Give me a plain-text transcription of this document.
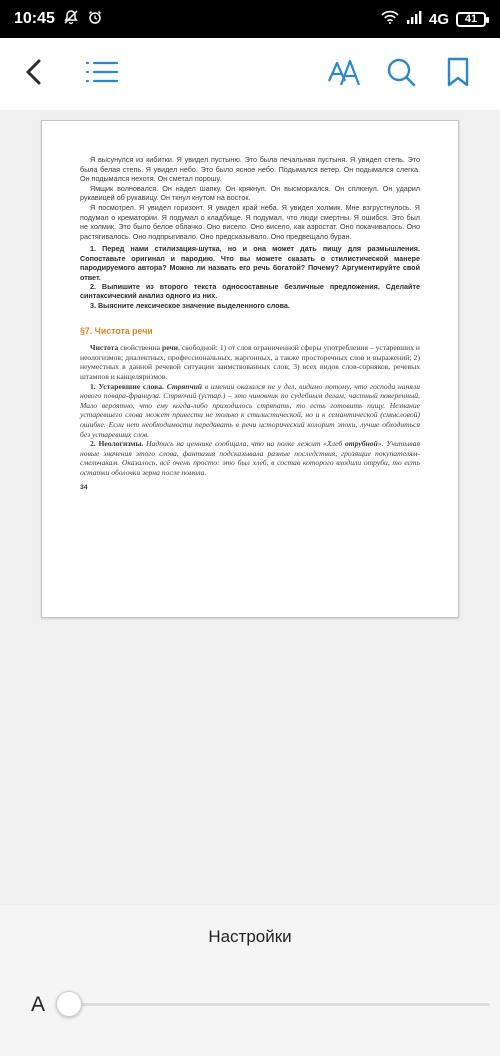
10:45	4G 41

Я высунулся из кибитки. Я увидел пустыню. Это была печальная пустыня. Я увидел степь. Это была белая степь. Я увидел небо. Это было ясное небо. Подымался ветер. Он подымался слегка. Он подымался нехотя. Он сметал порошу.

Ямщик волновался. Он надел шапку. Он крякнул. Он высморкался. Он сплюнул. Он ударил рукавицей об рукавицу. Он ткнул кнутом на восток.

Я посмотрел. Я увидел горизонт. Я увидел край неба. Я увидел холмик. Мне взгрустнулось. Я подумал о крематории. Я подумал о кладбище. Я подумал, что люди смертны. Я ошибся. Это был не холмик. Это было белое облачко. Оно висело. Оно висело, как аэростат. Оно покачивалось. Оно растягивалось. Оно подпрыгивало. Оно предсказывало. Оно предвещало буран.

1. Перед нами стилизация-шутка, но и она может дать пищу для размышления. Сопоставьте оригинал и пародию. Что вы можете сказать о стилистической манере пародируемого автора? Можно ли назвать его речь богатой? Почему? Аргументируйте свой ответ.

2. Выпишите из второго текста односоставные безличные предложения. Сделайте синтаксический анализ одного из них.

3. Выясните лексическое значение выделенного слова.

§7. Чистота речи

Чистота свойственна речи, свободной: 1) от слов ограниченной сферы употребления – устаревших и неологизмов; диалектных, профессиональных, жаргонных, а также просторечных слов и выражений; 2) неуместных в данной речевой ситуации заимствованных слов; 3) всех видов слов-сорняков, речевых штампов и канцеляризмов.

1. Устаревшие слова. Стряпчий в имении оказался не у дел, видимо потому, что господа наняли нового повара-француза. Стряпчий (устар.) – это чиновник по судебным делам; частный поверенный. Мало вероятно, что ему когда-либо приходилось стряпать, то есть готовить пищу. Незнание устаревшего слова может привести не только к стилистической, но и к семантической (смысловой) ошибке. Если нет необходимости передавать в речи исторический колорит эпохи, лучше обходиться без устаревших слов.

2. Неологизмы. Надпись на ценнике сообщала, что на полке лежит «Хлеб отрубной». Учитывая новые значения этого слова, фантазия подсказывала разные последствия, грозящие покупателям-смельчакам. Оказалось, всё очень просто: это был хлеб, в состав которого входили отруби, то есть остатки оболочки зерна после помола.

34
Настройки
A
